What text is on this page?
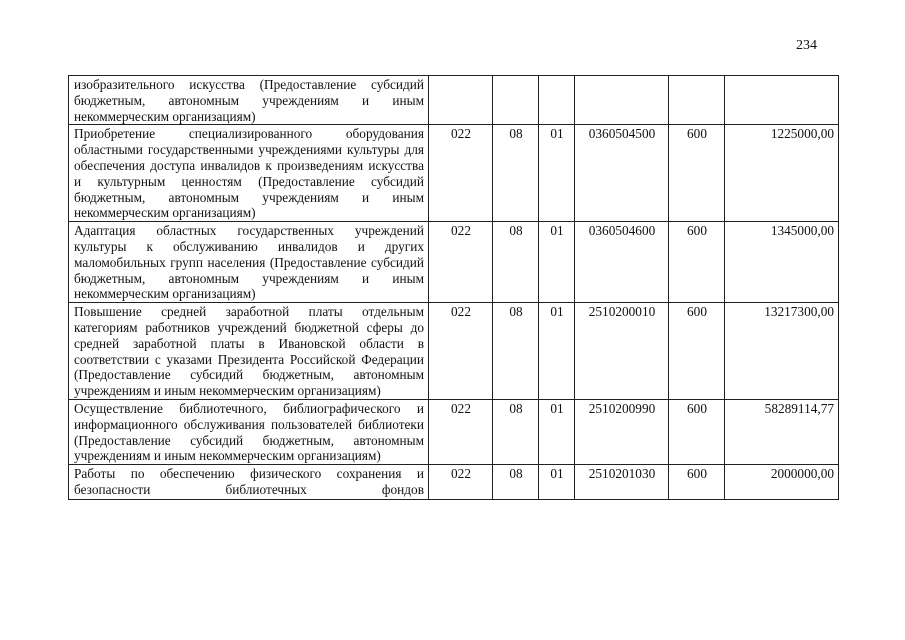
234
изобразительного искусства (Предоставление субсидий бюджетным, автономным учреждениям и иным некоммерческим организациям)						
Приобретение специализированного оборудования областными государственными учреждениями культуры для обеспечения доступа инвалидов к произведениям искусства и культурным ценностям (Предоставление субсидий бюджетным, автономным учреждениям и иным некоммерческим организациям)	022	08	01	0360504500	600	1225000,00
Адаптация областных государственных учреждений культуры к обслуживанию инвалидов и других маломобильных групп населения (Предоставление субсидий бюджетным, автономным учреждениям и иным некоммерческим организациям)	022	08	01	0360504600	600	1345000,00
Повышение средней заработной платы отдельным категориям работников учреждений бюджетной сферы до средней заработной платы в Ивановской области в соответствии с указами Президента Российской Федерации (Предоставление субсидий бюджетным, автономным учреждениям и иным некоммерческим организациям)	022	08	01	2510200010	600	13217300,00
Осуществление библиотечного, библиографического и информационного обслуживания пользователей библиотеки (Предоставление субсидий бюджетным, автономным учреждениям и иным некоммерческим организациям)	022	08	01	2510200990	600	58289114,77

Работы по обеспечению физического сохранения и безопасности библиотечных фондов	022	08	01	2510201030	600	2000000,00
